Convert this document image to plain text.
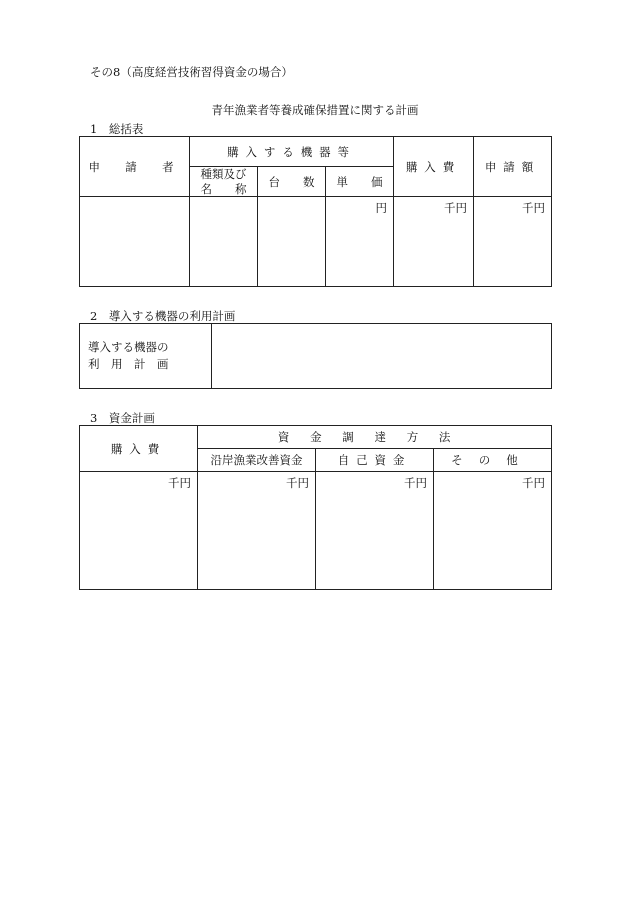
その8（高度経営技術習得資金の場合）
青年漁業者等養成確保措置に関する計画
1　総括表
申　請　者	購入する機器等			購入費	申請額

	種類及び
名　　称	台　　数	単　　価		
			円	千円	千円
2　導入する機器の利用計画
導入する機器の
利　用　計　画

3　資金計画
購入費	資金調達方法		
	沿岸漁業改善資金	自己資金	その他
千円	千円	千円	千円
